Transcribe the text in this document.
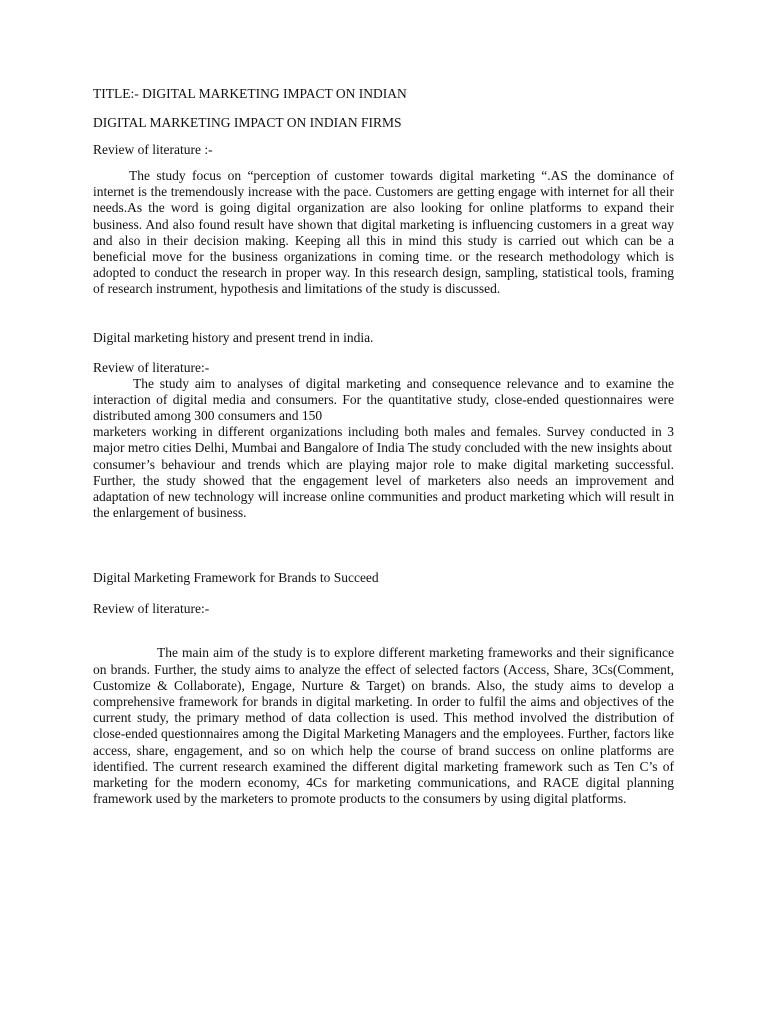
TITLE:- DIGITAL MARKETING IMPACT ON INDIAN

DIGITAL MARKETING IMPACT ON INDIAN FIRMS

Review of literature :-

The study focus on “perception of customer towards digital marketing “.AS the dominance of internet is the tremendously increase with the pace. Customers are getting engage with internet for all their needs.As the word is going digital organization are also looking for online platforms to expand their business. And also found result have shown that digital marketing is influencing customers in a great way and also in their decision making. Keeping all this in mind this study is carried out which can be a beneficial move for the business organizations in coming time. or the research methodology which is adopted to conduct the research in proper way. In this research design, sampling, statistical tools, framing of research instrument, hypothesis and limitations of the study is discussed.

Digital marketing history and present trend in india.

Review of literature:-

The study aim to analyses of digital marketing and consequence relevance and to examine the interaction of digital media and consumers. For the quantitative study, close-ended questionnaires were distributed among 300 consumers and 150

marketers working in different organizations including both males and females. Survey conducted in 3 major metro cities Delhi, Mumbai and Bangalore of India The study concluded with the new insights about

consumer’s behaviour and trends which are playing major role to make digital marketing successful. Further, the study showed that the engagement level of marketers also needs an improvement and adaptation of new technology will increase online communities and product marketing which will result in the enlargement of business.

Digital Marketing Framework for Brands to Succeed

Review of literature:-

The main aim of the study is to explore different marketing frameworks and their significance on brands. Further, the study aims to analyze the effect of selected factors (Access, Share, 3Cs(Comment, Customize & Collaborate), Engage, Nurture & Target) on brands. Also, the study aims to develop a comprehensive framework for brands in digital marketing. In order to fulfil the aims and objectives of the current study, the primary method of data collection is used. This method involved the distribution of close-ended questionnaires among the Digital Marketing Managers and the employees. Further, factors like access, share, engagement, and so on which help the course of brand success on online platforms are identified. The current research examined the different digital marketing framework such as Ten C’s of marketing for the modern economy, 4Cs for marketing communications, and RACE digital planning framework used by the marketers to promote products to the consumers by using digital platforms.
